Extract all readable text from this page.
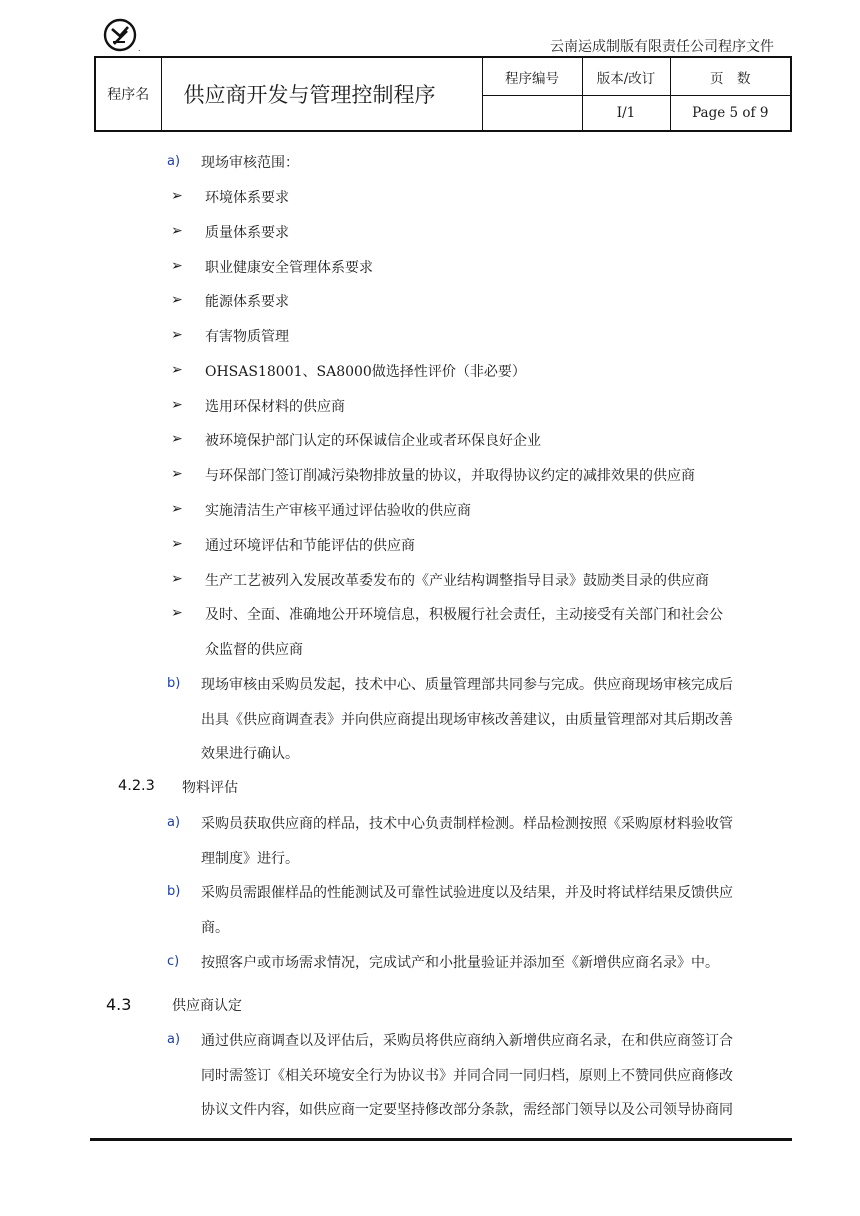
.	云南运成制版有限责任公司程序文件
程序名	供应商开发与管理控制程序	程序编号	版本/改订	页　数
			Ⅰ/1	Page 5 of 9
a) 现场审核范围：
➢ 环境体系要求
➢ 质量体系要求
➢ 职业健康安全管理体系要求
➢ 能源体系要求
➢ 有害物质管理
➢ OHSAS18001、SA8000做选择性评价（非必要）
➢ 选用环保材料的供应商
➢ 被环境保护部门认定的环保诚信企业或者环保良好企业
➢ 与环保部门签订削减污染物排放量的协议，并取得协议约定的减排效果的供应商
➢ 实施清洁生产审核平通过评估验收的供应商
➢ 通过环境评估和节能评估的供应商
➢ 生产工艺被列入发展改革委发布的《产业结构调整指导目录》鼓励类目录的供应商
➢ 及时、全面、准确地公开环境信息，积极履行社会责任，主动接受有关部门和社会公
众监督的供应商
b) 现场审核由采购员发起，技术中心、质量管理部共同参与完成。供应商现场审核完成后
出具《供应商调查表》并向供应商提出现场审核改善建议，由质量管理部对其后期改善
效果进行确认。
4.2.3 物料评估
a) 采购员获取供应商的样品，技术中心负责制样检测。样品检测按照《采购原材料验收管
理制度》进行。
b) 采购员需跟催样品的性能测试及可靠性试验进度以及结果，并及时将试样结果反馈供应
商。
c) 按照客户或市场需求情况，完成试产和小批量验证并添加至《新增供应商名录》中。
4.3	供应商认定
a) 通过供应商调查以及评估后，采购员将供应商纳入新增供应商名录，在和供应商签订合
同时需签订《相关环境安全行为协议书》并同合同一同归档，原则上不赞同供应商修改
协议文件内容，如供应商一定要坚持修改部分条款，需经部门领导以及公司领导协商同
